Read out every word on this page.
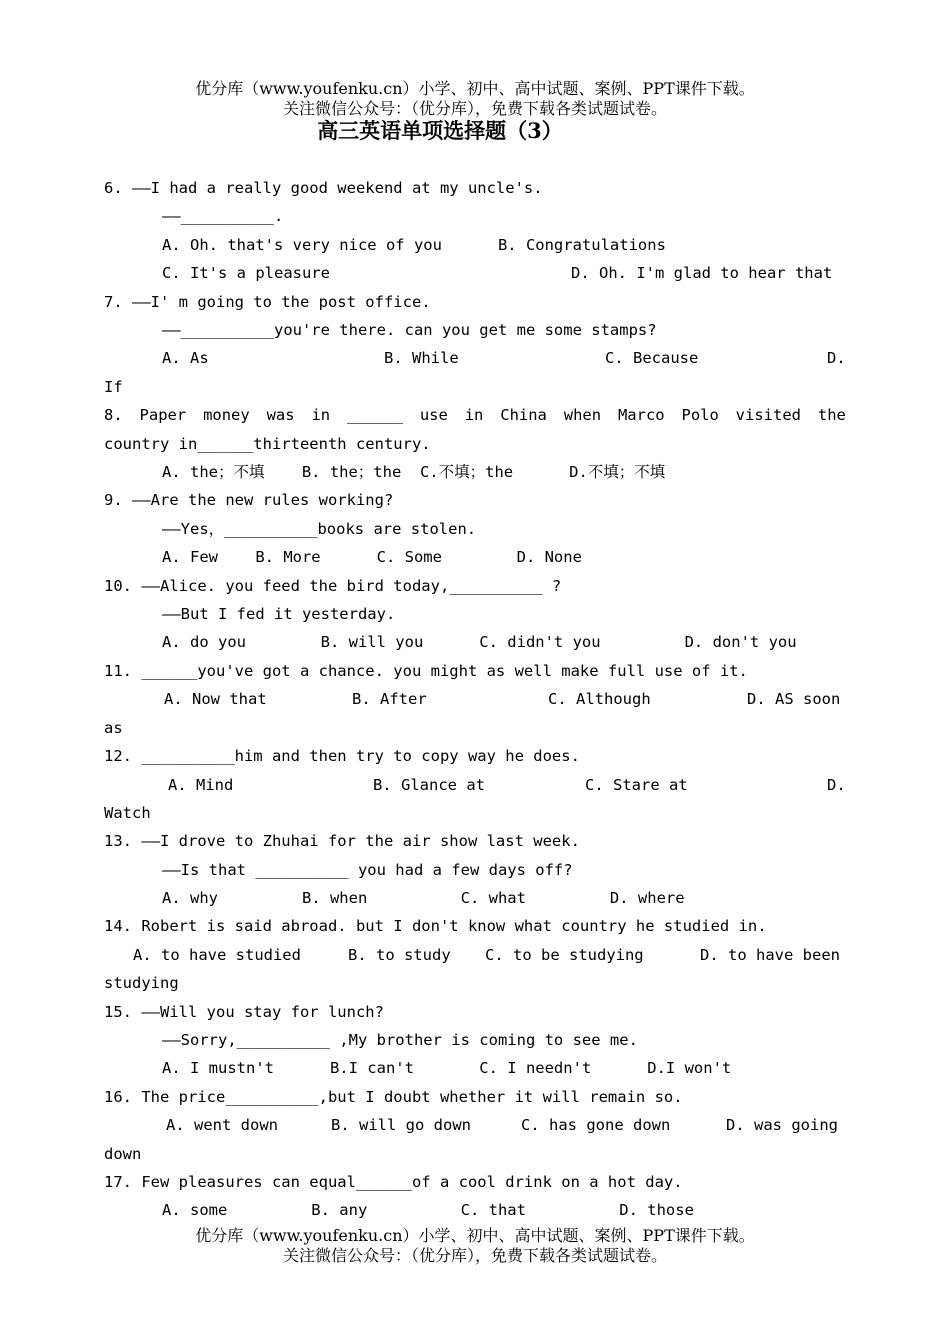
优分库（www.youfenku.cn）小学、初中、高中试题、案例、PPT课件下载。
关注微信公众号：（优分库），免费下载各类试题试卷。
高三英语单项选择题（3）
6. ——I had a really good weekend at my uncle's.
——__________.
A. Oh. that's very nice of you      B. Congratulations
C. It's a pleasure	D. Oh. I'm glad to hear that
7. ——I' m going to the post office.
——__________you're there. can you get me some stamps?
A. As	B. While	C. Because	D.
If
8. Paper money was in ______ use in China when Marco Polo visited the
country in______thirteenth century.
A. the；不填    B. the；the  C.不填；the      D.不填；不填
9. ——Are the new rules working?
——Yes，__________books are stolen.
A. Few    B. More      C. Some        D. None
10. ——Alice. you feed the bird today,__________ ?
——But I fed it yesterday.
A. do you        B. will you      C. didn't you         D. don't you
11. ______you've got a chance. you might as well make full use of it.
A. Now that	B. After	C. Although	D. AS soon
as
12. __________him and then try to copy way he does.
A. Mind	B. Glance at	C. Stare at	D.
Watch
13. ——I drove to Zhuhai for the air show last week.
——Is that __________ you had a few days off?
A. why         B. when          C. what         D. where
14. Robert is said abroad. but I don't know what country he studied in.
A. to have studied	B. to study C. to be studying	D. to have been
studying
15. ——Will you stay for lunch?
——Sorry,__________ ,My brother is coming to see me.
A. I mustn't      B.I can't       C. I needn't      D.I won't
16. The price__________,but I doubt whether it will remain so.
A. went down	B. will go down	C. has gone down	D. was going
down
17. Few pleasures can equal______of a cool drink on a hot day.
A. some         B. any          C. that          D. those
优分库（www.youfenku.cn）小学、初中、高中试题、案例、PPT课件下载。
关注微信公众号：（优分库），免费下载各类试题试卷。
